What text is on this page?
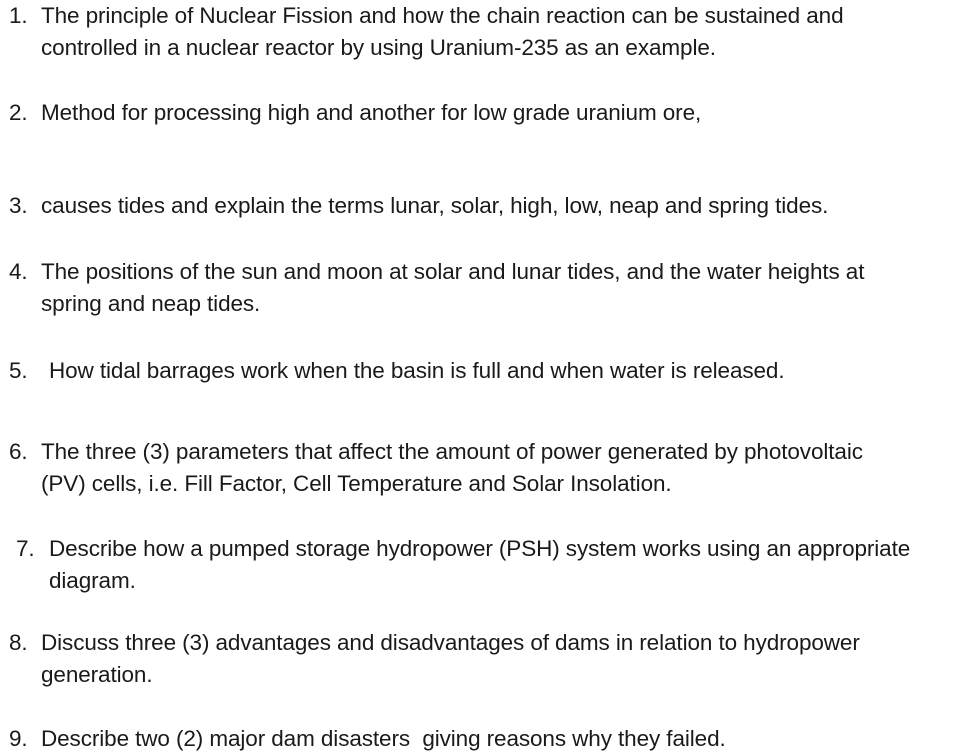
1. The principle of Nuclear Fission and how the chain reaction can be sustained and
controlled in a nuclear reactor by using Uranium-235 as an example.
2. Method for processing high and another for low grade uranium ore,
3. causes tides and explain the terms lunar, solar, high, low, neap and spring tides.
4. The positions of the sun and moon at solar and lunar tides, and the water heights at
spring and neap tides.
5. How tidal barrages work when the basin is full and when water is released.
6. The three (3) parameters that affect the amount of power generated by photovoltaic
(PV) cells, i.e. Fill Factor, Cell Temperature and Solar Insolation.
7. Describe how a pumped storage hydropower (PSH) system works using an appropriate
diagram.
8. Discuss three (3) advantages and disadvantages of dams in relation to hydropower
generation.
9. Describe two (2) major dam disasters  giving reasons why they failed.
